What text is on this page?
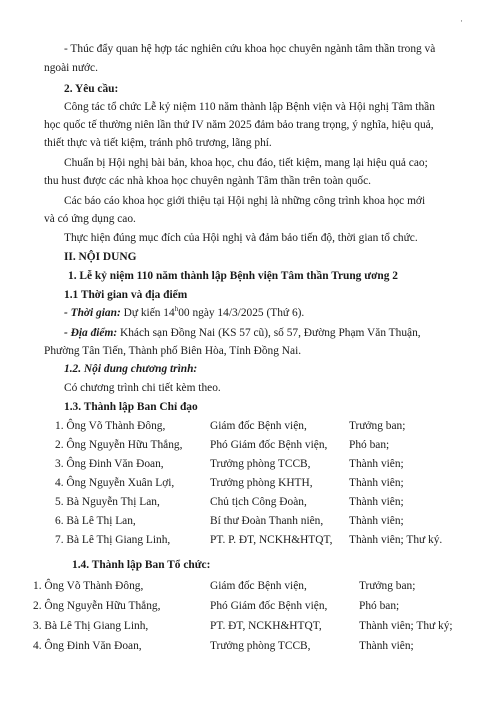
·
- Thúc đẩy quan hệ hợp tác nghiên cứu khoa học chuyên ngành tâm thần trong và
ngoài nước.
2. Yêu cầu:
Công tác tổ chức Lễ kỷ niệm 110 năm thành lập Bệnh viện và Hội nghị Tâm thần
học quốc tế thường niên lần thứ IV năm 2025 đảm bảo trang trọng, ý nghĩa, hiệu quả,
thiết thực và tiết kiệm, tránh phô trương, lãng phí.
Chuẩn bị Hội nghị bài bản, khoa học, chu đáo, tiết kiệm, mang lại hiệu quả cao;
thu hust được các nhà khoa học chuyên ngành Tâm thần trên toàn quốc.
Các báo cáo khoa học giới thiệu tại Hội nghị là những công trình khoa học mới
và có ứng dụng cao.
Thực hiện đúng mục đích của Hội nghị và đảm bảo tiến độ, thời gian tổ chức.
II. NỘI DUNG
1. Lễ kỷ niệm 110 năm thành lập Bệnh viện Tâm thần Trung ương 2
1.1 Thời gian và địa điểm
- Thời gian: Dự kiến 14$^h$00 ngày 14/3/2025 (Thứ 6).
- Địa điểm: Khách sạn Đồng Nai (KS 57 cũ), số 57, Đường Phạm Văn Thuận,
Phường Tân Tiến, Thành phố Biên Hòa, Tỉnh Đồng Nai.
1.2. Nội dung chương trình:
Có chương trình chi tiết kèm theo.
1.3. Thành lập Ban Chỉ đạo
1. Ông Võ Thành Đông,	Giám đốc Bệnh viện,	Trưởng ban;
2. Ông Nguyễn Hữu Thắng, Phó Giám đốc Bệnh viện, Phó ban;
3. Ông Đinh Văn Đoan,	Trưởng phòng TCCB,	Thành viên;
4. Ông Nguyễn Xuân Lợi,	Trưởng phòng KHTH,	Thành viên;
5. Bà Nguyễn Thị Lan,	Chủ tịch Công Đoàn,	Thành viên;
6. Bà Lê Thị Lan,	Bí thư Đoàn Thanh niên, Thành viên;
7. Bà Lê Thị Giang Linh,	PT. P. ĐT, NCKH&HTQT, Thành viên; Thư ký.
1.4. Thành lập Ban Tổ chức:
1. Ông Võ Thành Đông,	Giám đốc Bệnh viện,	Trưởng ban;
2. Ông Nguyễn Hữu Thắng,	Phó Giám đốc Bệnh viện,	Phó ban;
3. Bà Lê Thị Giang Linh,	PT. ĐT, NCKH&HTQT,	Thành viên; Thư ký;
4. Ông Đinh Văn Đoan,	Trưởng phòng TCCB,	Thành viên;
